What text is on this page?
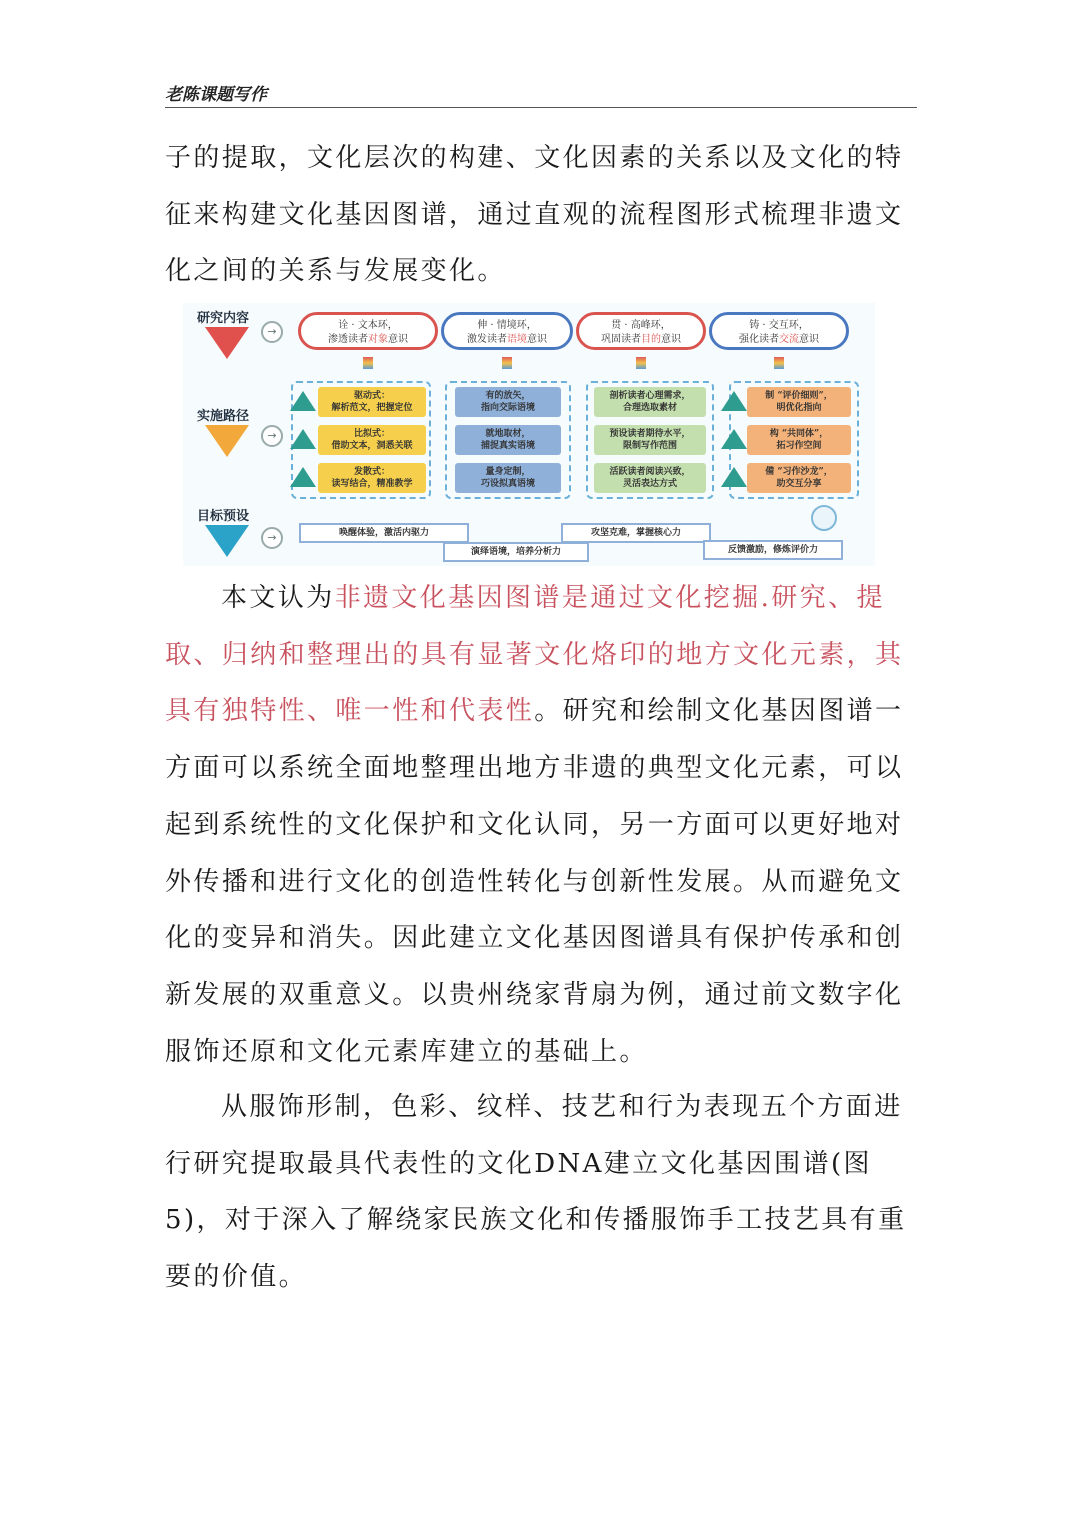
老陈课题写作

子的提取，文化层次的构建、文化因素的关系以及文化的特征来构建文化基因图谱，通过直观的流程图形式梳理非遗文化之间的关系与发展变化。

研究内容
→
实施路径
→
目标预设
→
诠 · 文本环，
渗透读者对象意识
伸 · 情境环，
激发读者语境意识
贯 · 高峰环，
巩固读者目的意识
铸 · 交互环，
强化读者交流意识
驱动式：
解析范文，把握定位
比拟式：
借助文本，洞悉关联
发散式：
读写结合，精准教学
有的放矢，
指向交际语境
就地取材，
捕捉真实语境
量身定制，
巧设拟真语境
剖析读者心理需求，
合理选取素材
预设读者期待水平，
限制写作范围
活跃读者阅读兴致，
灵活表达方式
制 “评价细则”，
明优化指向
构 “共同体”，
拓习作空间
備 “习作沙龙”，
助交互分享
唤醒体验，激活内驱力
演绎语境，培养分析力
攻坚克难，掌握核心力
反馈激励，修炼评价力

本文认为非遗文化基因图谱是通过文化挖掘.研究、提取、归纳和整理出的具有显著文化烙印的地方文化元素，其具有独特性、唯一性和代表性。研究和绘制文化基因图谱一方面可以系统全面地整理出地方非遗的典型文化元素，可以起到系统性的文化保护和文化认同，另一方面可以更好地对外传播和进行文化的创造性转化与创新性发展。从而避免文化的变异和消失。因此建立文化基因图谱具有保护传承和创新发展的双重意义。以贵州绕家背扇为例，通过前文数字化服饰还原和文化元素库建立的基础上。

从服饰形制，色彩、纹样、技艺和行为表现五个方面进行研究提取最具代表性的文化DNA建立文化基因围谱(图5)，对于深入了解绕家民族文化和传播服饰手工技艺具有重要的价值。
